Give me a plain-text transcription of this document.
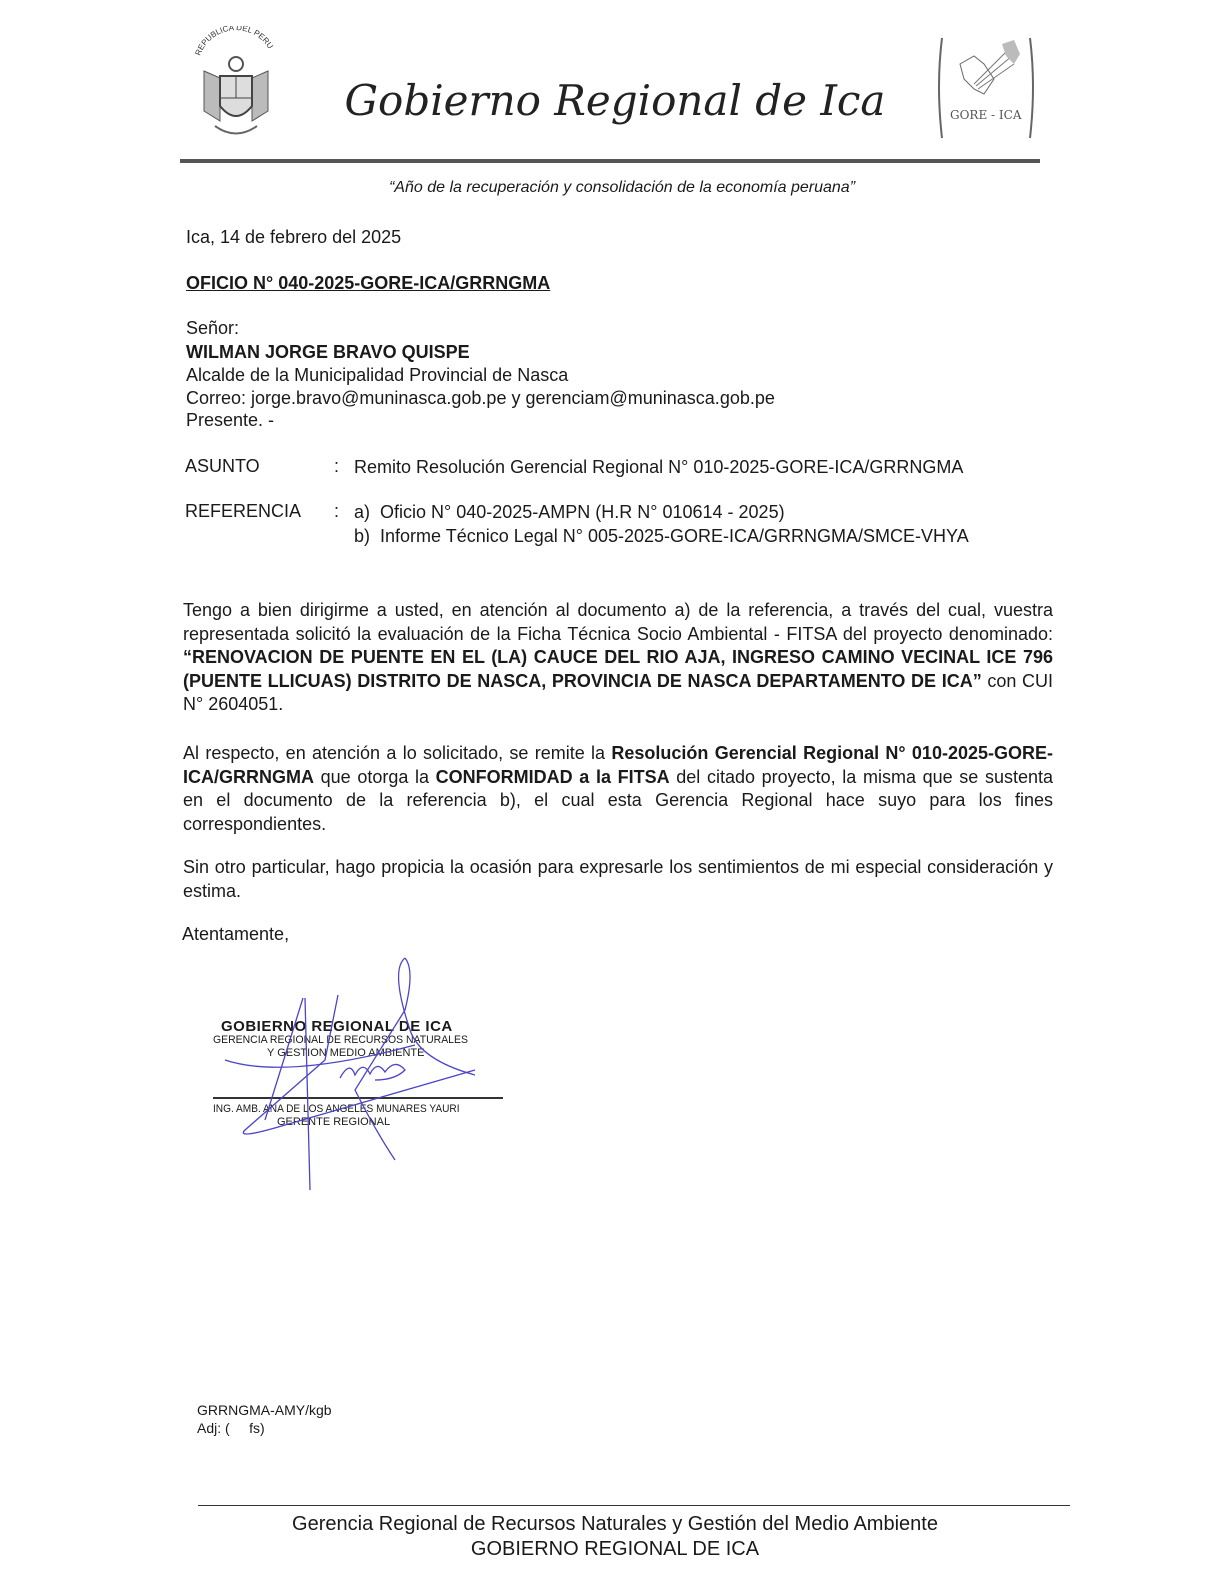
REPUBLICA DEL PERU
Gobierno Regional de Ica	GORE - ICA
“Año de la recuperación y consolidación de la economía peruana”
Ica, 14 de febrero del 2025
OFICIO N° 040-2025-GORE-ICA/GRRNGMA
Señor:
WILMAN JORGE BRAVO QUISPE
Alcalde de la Municipalidad Provincial de Nasca
Correo: jorge.bravo@muninasca.gob.pe y gerenciam@muninasca.gob.pe
Presente. -
ASUNTO	: Remito Resolución Gerencial Regional N° 010-2025-GORE-ICA/GRRNGMA
REFERENCIA : a)  Oficio N° 040-2025-AMPN (H.R N° 010614 - 2025)
b)  Informe Técnico Legal N° 005-2025-GORE-ICA/GRRNGMA/SMCE-VHYA
Tengo a bien dirigirme a usted, en atención al documento a) de la referencia, a través del cual, vuestra representada solicitó la evaluación de la Ficha Técnica Socio Ambiental - FITSA del proyecto denominado: “RENOVACION DE PUENTE EN EL (LA) CAUCE DEL RIO AJA, INGRESO CAMINO VECINAL ICE 796 (PUENTE LLICUAS) DISTRITO DE NASCA, PROVINCIA DE NASCA DEPARTAMENTO DE ICA” con CUI N° 2604051.
Al respecto, en atención a lo solicitado, se remite la Resolución Gerencial Regional N° 010-2025-GORE-ICA/GRRNGMA que otorga la CONFORMIDAD a la FITSA del citado proyecto, la misma que se sustenta en el documento de la referencia b), el cual esta Gerencia Regional hace suyo para los fines correspondientes.
Sin otro particular, hago propicia la ocasión para expresarle los sentimientos de mi especial consideración y estima.
Atentamente,
GOBIERNO REGIONAL DE ICA
GERENCIA REGIONAL DE RECURSOS NATURALES
Y GESTION MEDIO AMBIENTE
ING. AMB. ANA DE LOS ANGELES MUNARES YAURI
GERENTE REGIONAL
GRRNGMA-AMY/kgb
Adj: (     fs)
Gerencia Regional de Recursos Naturales y Gestión del Medio Ambiente
GOBIERNO REGIONAL DE ICA
